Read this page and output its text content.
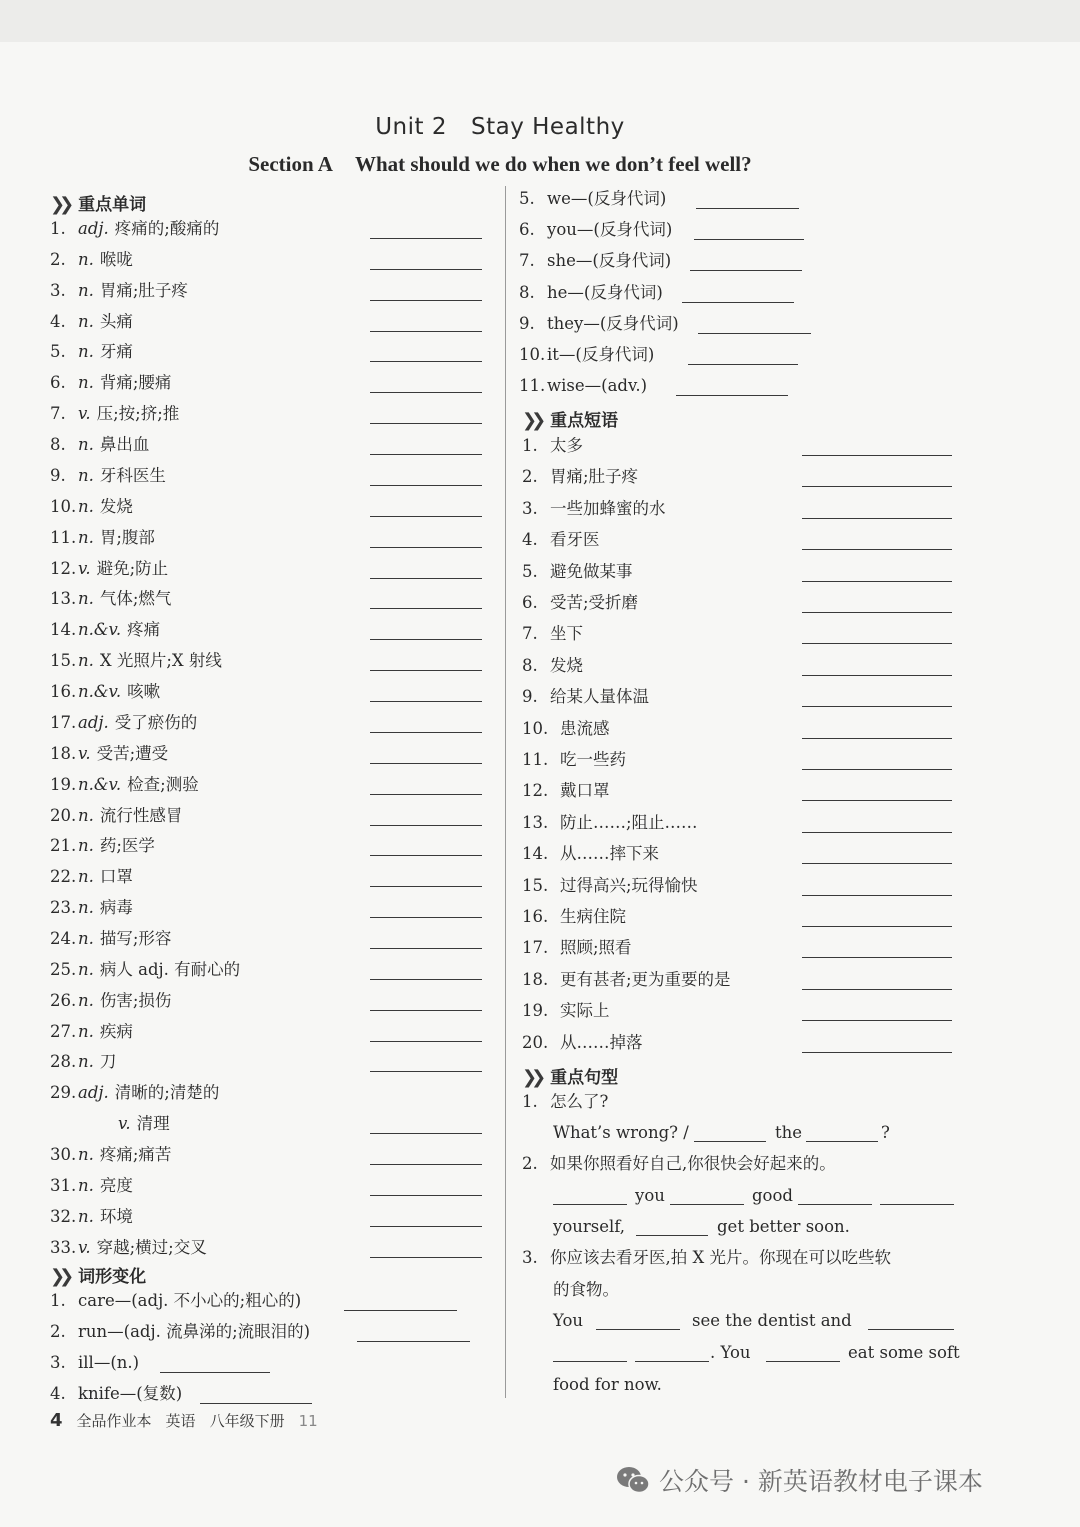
Unit 2 Stay Healthy
Section A What should we do when we don’t feel well?
❯❯ 重点单词
1. adj. 疼痛的;酸痛的
2. n. 喉咙
3. n. 胃痛;肚子疼
4. n. 头痛
5. n. 牙痛
6. n. 背痛;腰痛
7. v. 压;按;挤;推
8. n. 鼻出血
9. n. 牙科医生
10. n. 发烧
11. n. 胃;腹部
12. v. 避免;防止
13. n. 气体;燃气
14. n.&v. 疼痛
15. n. X 光照片;X 射线
16. n.&v. 咳嗽
17. adj. 受了瘀伤的
18. v. 受苦;遭受
19. n.&v. 检查;测验
20. n. 流行性感冒
21. n. 药;医学
22. n. 口罩
23. n. 病毒
24. n. 描写;形容
25. n. 病人 adj. 有耐心的
26. n. 伤害;损伤
27. n. 疾病
28. n. 刀
29. adj. 清晰的;清楚的
v. 清理
30. n. 疼痛;痛苦
31. n. 亮度
32. n. 环境
33. v. 穿越;横过;交叉
❯❯ 词形变化
1. care—(adj. 不小心的;粗心的)
2. run—(adj. 流鼻涕的;流眼泪的)
3. ill—(n.)
4. knife—(复数)
5. we—(反身代词)
6. you—(反身代词)
7. she—(反身代词)
8. he—(反身代词)
9. they—(反身代词)
10. it—(反身代词)
11. wise—(adv.)
❯❯ 重点短语
1. 太多
2. 胃痛;肚子疼
3. 一些加蜂蜜的水
4. 看牙医
5. 避免做某事
6. 受苦;受折磨
7. 坐下
8. 发烧
9. 给某人量体温
10. 患流感
11. 吃一些药
12. 戴口罩
13. 防止……;阻止……
14. 从……摔下来
15. 过得高兴;玩得愉快
16. 生病住院
17. 照顾;照看
18. 更有甚者;更为重要的是
19. 实际上
20. 从……掉落
❯❯ 重点句型
1. 怎么了?
What’s wrong? /	the	?
2. 如果你照看好自己,你很快会好起来的。
you	good
yourself,	get better soon.
3. 你应该去看牙医,拍 X 光片。你现在可以吃些软
的食物。
You	see the dentist and
. You	eat some soft
food for now.
4 全品作业本 英语 八年级下册 11
公众号 · 新英语教材电子课本
